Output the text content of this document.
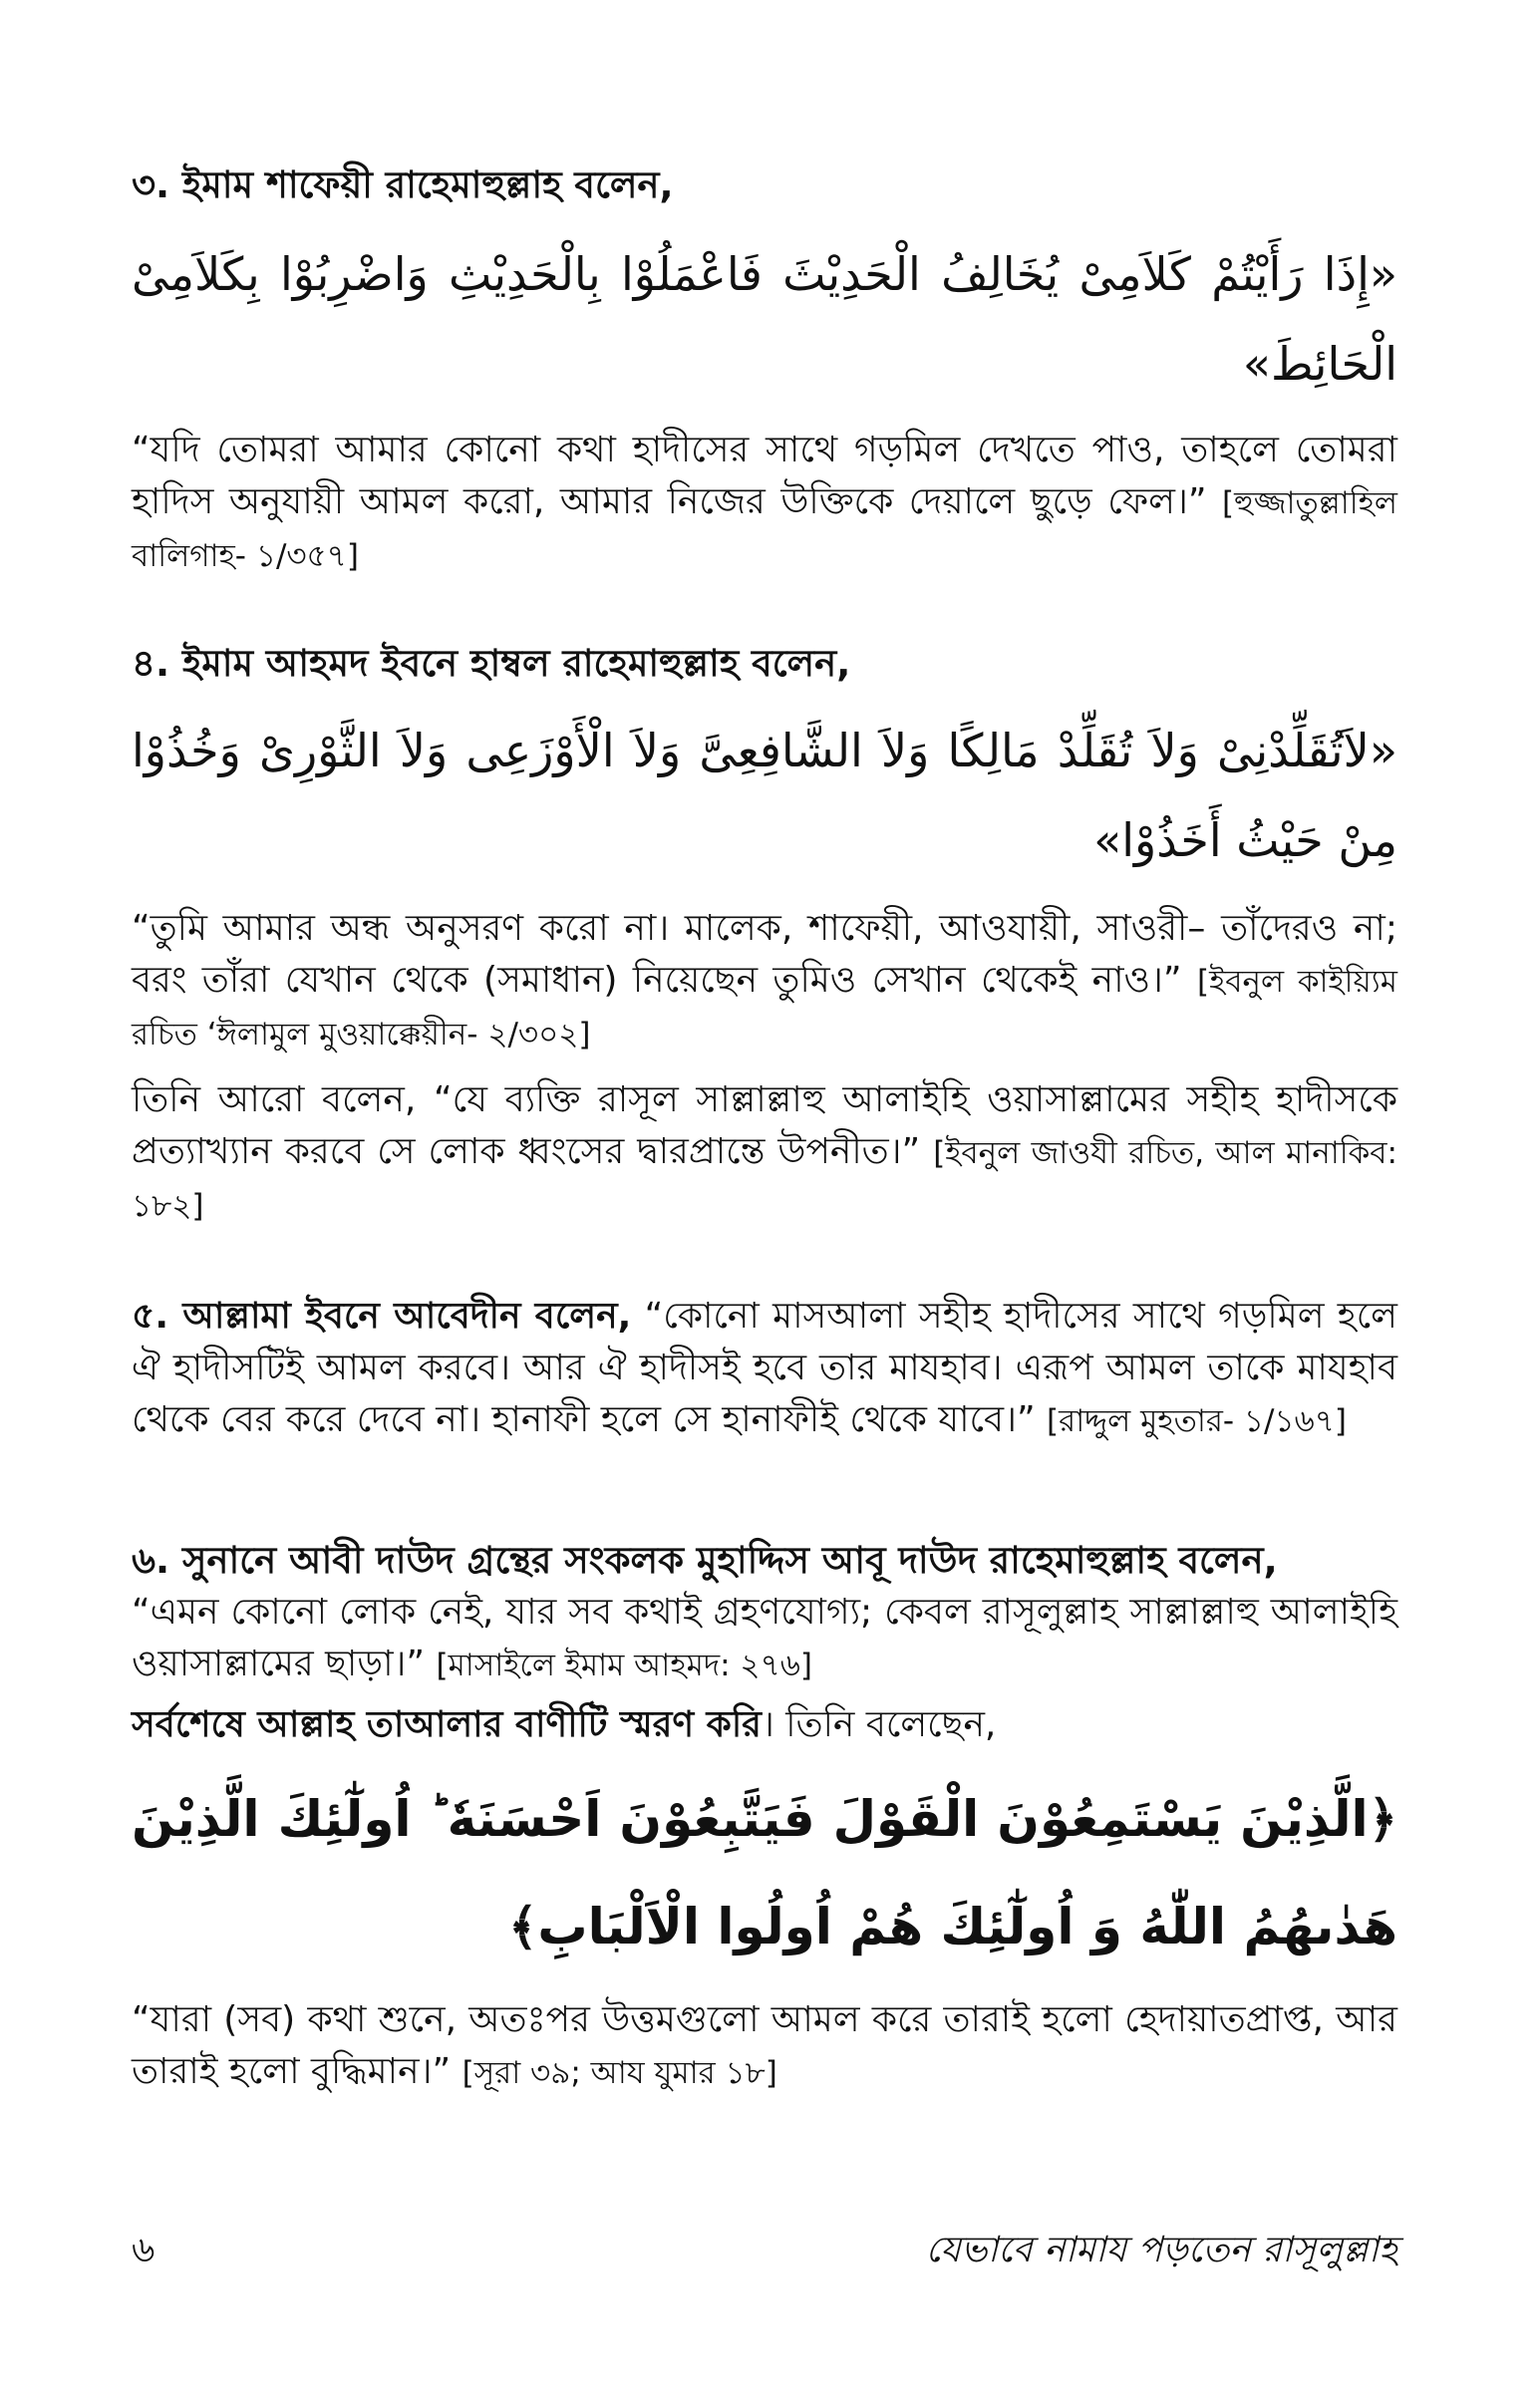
৩. ইমাম শাফেয়ী রাহেমাহুল্লাহ বলেন,

«إِذَا رَأَيْتُمْ كَلاَمِىْ يُخَالِفُ الْحَدِيْثَ فَاعْمَلُوْا بِالْحَدِيْثِ وَاضْرِبُوْا بِكَلاَمِىْ الْحَائِطَ»

“যদি তোমরা আমার কোনো কথা হাদীসের সাথে গড়মিল দেখতে পাও, তাহলে তোমরা হাদিস অনুযায়ী আমল করো, আমার নিজের উক্তিকে দেয়ালে ছুড়ে ফেল।” [হুজ্জাতুল্লাহিল বালিগাহ- ১/৩৫৭]

৪. ইমাম আহমদ ইবনে হাম্বল রাহেমাহুল্লাহ বলেন,

«لاَتُقَلِّدْنِىْ وَلاَ تُقَلِّدْ مَالِكًا وَلاَ الشَّافِعِىَّ وَلاَ الْأَوْزَعِى وَلاَ الثَّوْرِىْ وَخُذُوْا مِنْ حَيْثُ أَخَذُوْا»

“তুমি আমার অন্ধ অনুসরণ করো না। মালেক, শাফেয়ী, আওযায়ী, সাওরী– তাঁদেরও না; বরং তাঁরা যেখান থেকে (সমাধান) নিয়েছেন তুমিও সেখান থেকেই নাও।” [ইবনুল কাইয়্যিম রচিত ‘ঈলামুল মুওয়াক্কেয়ীন- ২/৩০২]

তিনি আরো বলেন, “যে ব্যক্তি রাসূল সাল্লাল্লাহু আলাইহি ওয়াসাল্লামের সহীহ হাদীসকে প্রত্যাখ্যান করবে সে লোক ধ্বংসের দ্বারপ্রান্তে উপনীত।” [ইবনুল জাওযী রচিত, আল মানাকিব: ১৮২]

৫. আল্লামা ইবনে আবেদীন বলেন, “কোনো মাসআলা সহীহ হাদীসের সাথে গড়মিল হলে ঐ হাদীসটিই আমল করবে। আর ঐ হাদীসই হবে তার মাযহাব। এরূপ আমল তাকে মাযহাব থেকে বের করে দেবে না। হানাফী হলে সে হানাফীই থেকে যাবে।” [রাদ্দুল মুহতার- ১/১৬৭]

৬. সুনানে আবী দাউদ গ্রন্থের সংকলক মুহাদ্দিস আবূ দাউদ রাহেমাহুল্লাহ বলেন,

“এমন কোনো লোক নেই, যার সব কথাই গ্রহণযোগ্য; কেবল রাসূলুল্লাহ সাল্লাল্লাহু আলাইহি ওয়াসাল্লামের ছাড়া।” [মাসাইলে ইমাম আহমদ: ২৭৬]

সর্বশেষে আল্লাহ তাআলার বাণীটি স্মরণ করি। তিনি বলেছেন,

﴿الَّذِيْنَ يَسْتَمِعُوْنَ الْقَوْلَ فَيَتَّبِعُوْنَ اَحْسَنَهٗ ؕ اُولٰٓئِكَ الَّذِيْنَ هَدٰىهُمُ اللّٰهُ وَ اُولٰٓئِكَ هُمْ اُولُوا الْاَلْبَابِ﴾

“যারা (সব) কথা শুনে, অতঃপর উত্তমগুলো আমল করে তারাই হলো হেদায়াতপ্রাপ্ত, আর তারাই হলো বুদ্ধিমান।” [সূরা ৩৯; আয যুমার ১৮]

৬	যেভাবে নামায পড়তেন রাসূলুল্লাহ
